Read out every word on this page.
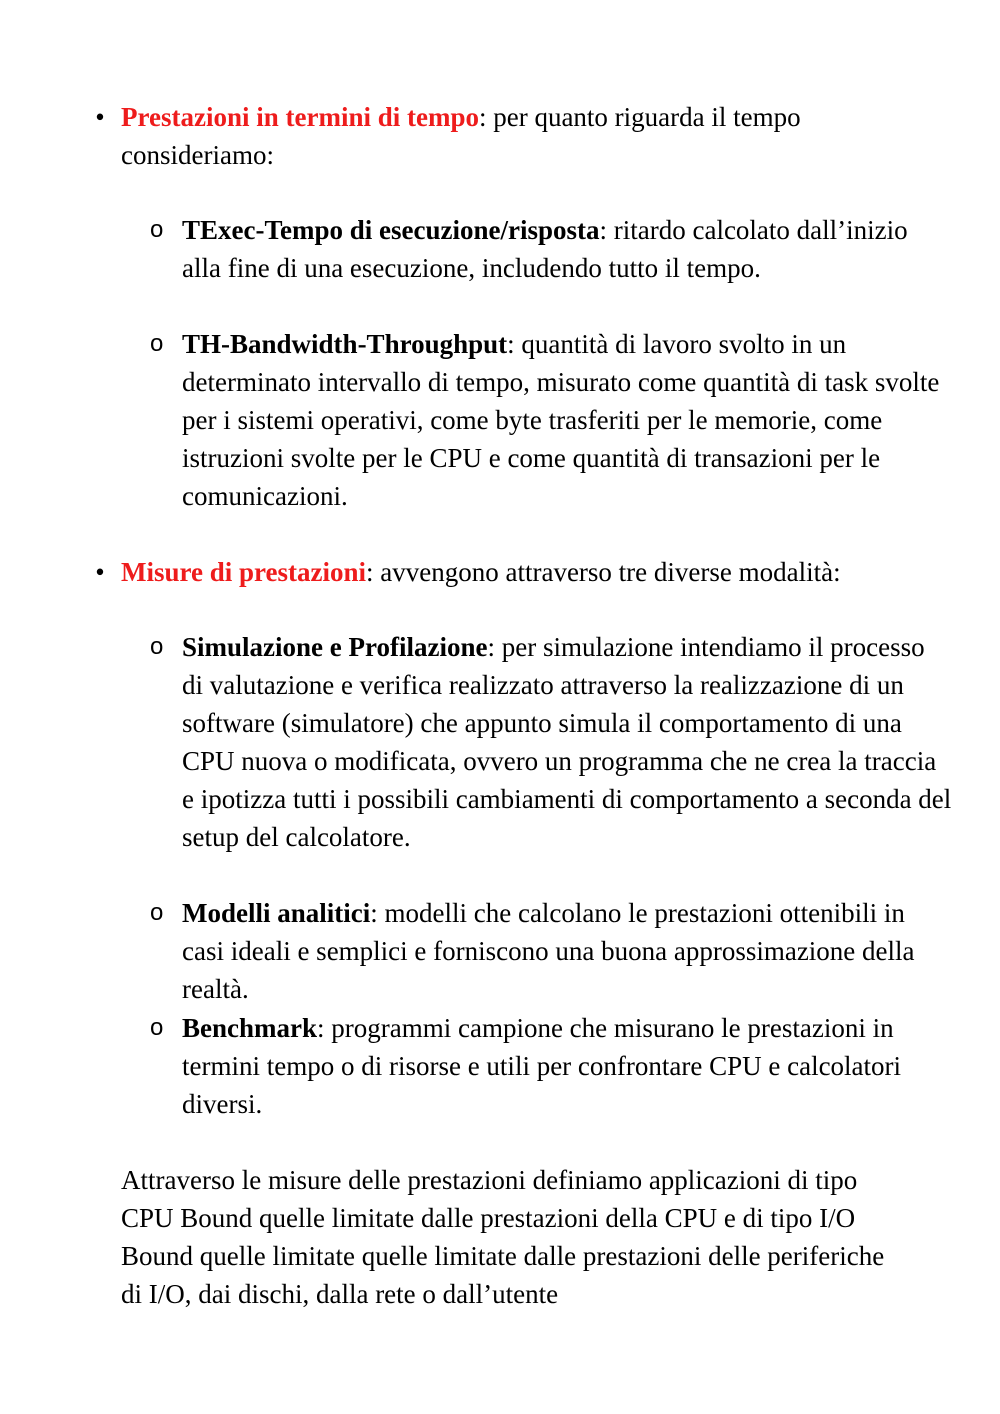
• Prestazioni in termini di tempo: per quanto riguarda il tempo consideriamo:
o TExec-Tempo di esecuzione/risposta: ritardo calcolato dall’inizio alla fine di una esecuzione, includendo tutto il tempo.
o TH-Bandwidth-Throughput: quantità di lavoro svolto in un determinato intervallo di tempo, misurato come quantità di task svolte per i sistemi operativi, come byte trasferiti per le memorie, come istruzioni svolte per le CPU e come quantità di transazioni per le comunicazioni.
• Misure di prestazioni: avvengono attraverso tre diverse modalità:
o Simulazione e Profilazione: per simulazione intendiamo il processo di valutazione e verifica realizzato attraverso la realizzazione di un software (simulatore) che appunto simula il comportamento di una CPU nuova o modificata, ovvero un programma che ne crea la traccia e ipotizza tutti i possibili cambiamenti di comportamento a seconda del setup del calcolatore.
o Modelli analitici: modelli che calcolano le prestazioni ottenibili in casi ideali e semplici e forniscono una buona approssimazione della realtà.
o Benchmark: programmi campione che misurano le prestazioni in termini tempo o di risorse e utili per confrontare CPU e calcolatori diversi.
Attraverso le misure delle prestazioni definiamo applicazioni di tipo CPU Bound quelle limitate dalle prestazioni della CPU e di tipo I/O Bound quelle limitate quelle limitate dalle prestazioni delle periferiche di I/O, dai dischi, dalla rete o dall’utente
